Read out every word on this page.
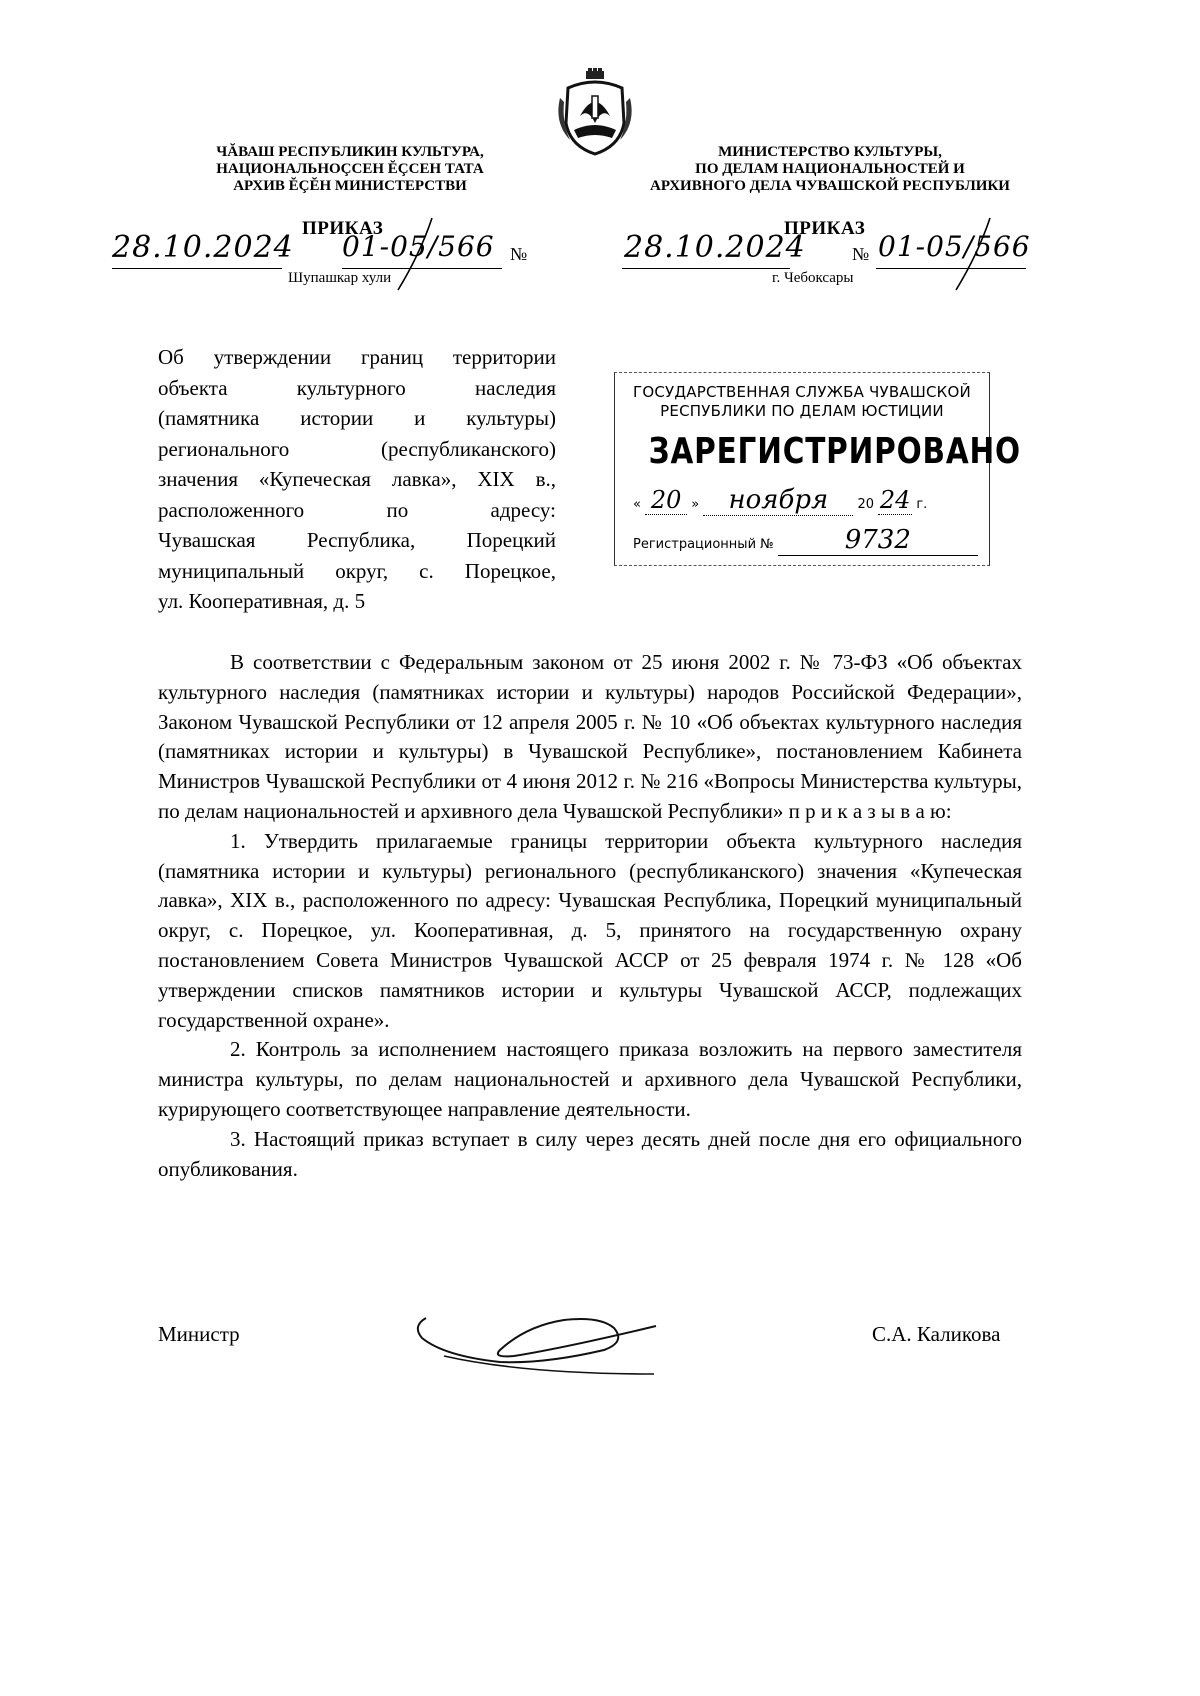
ЧĂВАШ РЕСПУБЛИКИН КУЛЬТУРА,
НАЦИОНАЛЬНОÇСЕН ĔÇСЕН ТАТА
АРХИВ ĔÇĔН МИНИСТЕРСТВИ
МИНИСТЕРСТВО КУЛЬТУРЫ,
ПО ДЕЛАМ НАЦИОНАЛЬНОСТЕЙ И
АРХИВНОГО ДЕЛА ЧУВАШСКОЙ РЕСПУБЛИКИ
ПРИКАЗ
28.10.2024 01-05/566 №
Шупашкар хули
ПРИКАЗ
28.10.2024	№ 01-05/566
г. Чебоксары

Об утверждении границ территории

объекта культурного наследия

(памятника истории и культуры)

регионального (республиканского)

значения «Купеческая лавка», XIX в.,

расположенного по адресу:

Чувашская Республика, Порецкий

муниципальный округ, с. Порецкое,

ул. Кооперативная, д. 5

ГОСУДАРСТВЕННАЯ СЛУЖБА ЧУВАШСКОЙ
РЕСПУБЛИКИ ПО ДЕЛАМ ЮСТИЦИИ
ЗАРЕГИСТРИРОВАНО
« 20 » ноября 20 24 г.
Регистрационный №	9732

В соответствии с Федеральным законом от 25 июня 2002 г. № 73-ФЗ «Об объектах культурного наследия (памятниках истории и культуры) народов Российской Федерации», Законом Чувашской Республики от 12 апреля 2005 г. № 10 «Об объектах культурного наследия (памятниках истории и культуры) в Чувашской Республике», постановлением Кабинета Министров Чувашской Республики от 4 июня 2012 г. № 216 «Вопросы Министерства культуры, по делам национальностей и архивного дела Чувашской Республики» п р и к а з ы в а ю:

1. Утвердить прилагаемые границы территории объекта культурного наследия (памятника истории и культуры) регионального (республиканского) значения «Купеческая лавка», XIX в., расположенного по адресу: Чувашская Республика, Порецкий муниципальный округ, с. Порецкое, ул. Кооперативная, д. 5, принятого на государственную охрану постановлением Совета Министров Чувашской АССР от 25 февраля 1974 г. № 128 «Об утверждении списков памятников истории и культуры Чувашской АССР, подлежащих государственной охране».

2. Контроль за исполнением настоящего приказа возложить на первого заместителя министра культуры, по делам национальностей и архивного дела Чувашской Республики, курирующего соответствующее направление деятельности.

3. Настоящий приказ вступает в силу через десять дней после дня его официального опубликования.

Министр	С.А. Каликова
